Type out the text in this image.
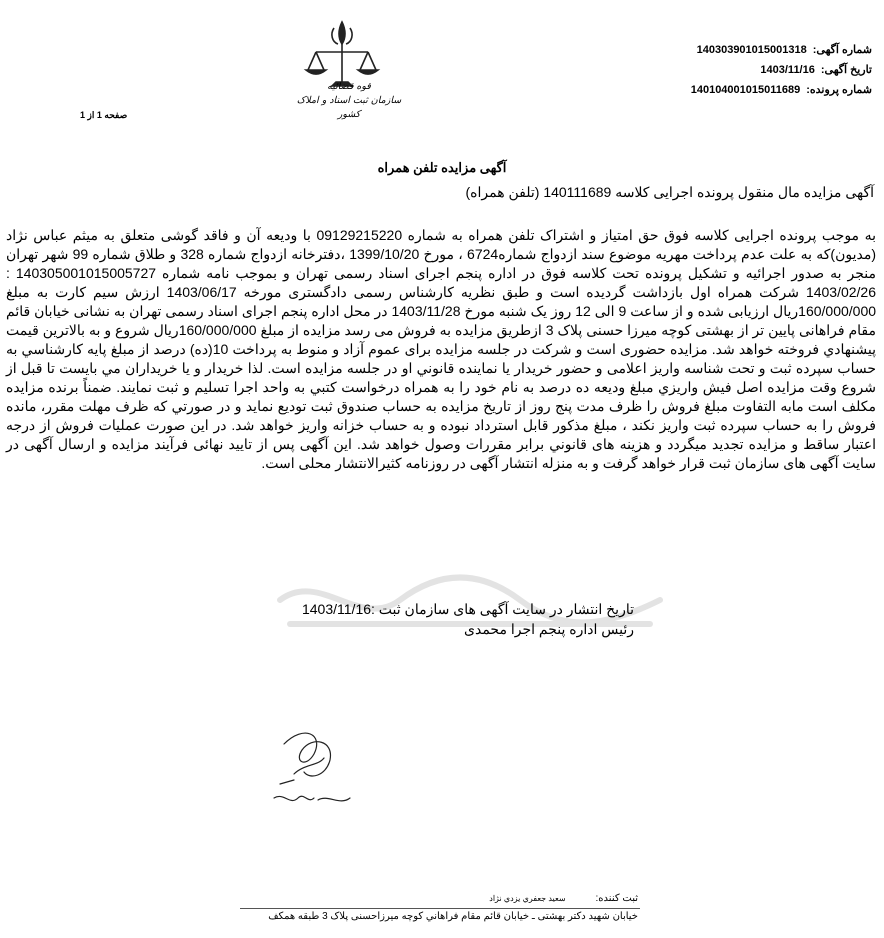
قوه قضائیه
سازمان ثبت اسناد و املاک کشور
صفحه 1 از 1
شماره آگهی:140303901015001318
تاریخ آگهی:1403/11/16
شماره پرونده:140104001015011689
آگهی مزایده تلفن همراه
آگهی مزایده مال منقول پرونده اجرایی کلاسه 140111689 (تلفن همراه)
به موجب پرونده اجرایی کلاسه فوق حق امتیاز و اشتراک تلفن همراه به شماره 09129215220 با ودیعه آن و فاقد گوشی متعلق به میثم عباس نژاد (مدیون)که به علت عدم پرداخت مهریه موضوع سند ازدواج شماره6724 ، مورخ 1399/10/20 ،دفترخانه ازدواج شماره 328 و طلاق شماره 99 شهر تهران منجر به صدور اجرائیه و تشکیل پرونده تحت کلاسه فوق در اداره پنجم اجرای اسناد رسمی تهران و بموجب نامه شماره 140305001015005727 : 1403/02/26 شرکت همراه اول بازداشت گردیده است و طبق نظریه کارشناس رسمی دادگستری مورخه 1403/06/17 ارزش سیم کارت به مبلغ 160/000/000ریال ارزیابی شده و از ساعت 9 الی 12 روز یک شنبه مورخ 1403/11/28 در محل اداره پنجم اجرای اسناد رسمی تهران به نشانی خیابان قائم مقام فراهانی پایین تر از بهشتی کوچه میرزا حسنی پلاک 3 ازطریق مزایده به فروش می رسد مزایده از مبلغ 160/000/000ریال شروع و به بالاترین قیمت پیشنهادي فروخته خواهد شد. مزایده حضوری است و شرکت در جلسه مزایده برای عموم آزاد و منوط به پرداخت 10(ده) درصد از مبلغ پایه کارشناسي به حساب سپرده ثبت و تحت شناسه واریز اعلامی و حضور خریدار یا نماینده قانوني او در جلسه مزایده است. لذا خریدار و یا خریداران مي بایست تا قبل از شروع وقت مزایده اصل فیش واریزي مبلغ ودیعه ده درصد به نام خود را به همراه درخواست کتبي به واحد اجرا تسلیم و ثبت نمایند. ضمناً برنده مزایده مکلف است مابه التفاوت مبلغ فروش را ظرف مدت پنج روز از تاریخ مزایده به حساب صندوق ثبت تودیع نماید و در صورتي که ظرف مهلت مقرر، مانده فروش را به حساب سپرده ثبت واریز نکند ، مبلغ مذکور قابل استرداد نبوده و به حساب خزانه واریز خواهد شد. در این صورت عملیات فروش از درجه اعتبار ساقط و مزایده تجدید میگردد و هزینه های قانوني برابر مقررات وصول خواهد شد. این آگهی پس از تایید نهائی فرآیند مزایده و ارسال آگهی در سایت آگهی های سازمان ثبت قرار خواهد گرفت و به منزله انتشار آگهی در روزنامه کثیرالانتشار محلی است.
تاریخ انتشار در سایت آگهی های سازمان ثبت :1403/11/16
رئیس اداره پنجم اجرا محمدی
ثبت کننده:سعید جعفري یزدي نژاد
خیابان شهید دکتر بهشتی ـ خیابان قائم مقام فراهاني کوچه میرزاحسنی پلاک 3 طبقه همکف
